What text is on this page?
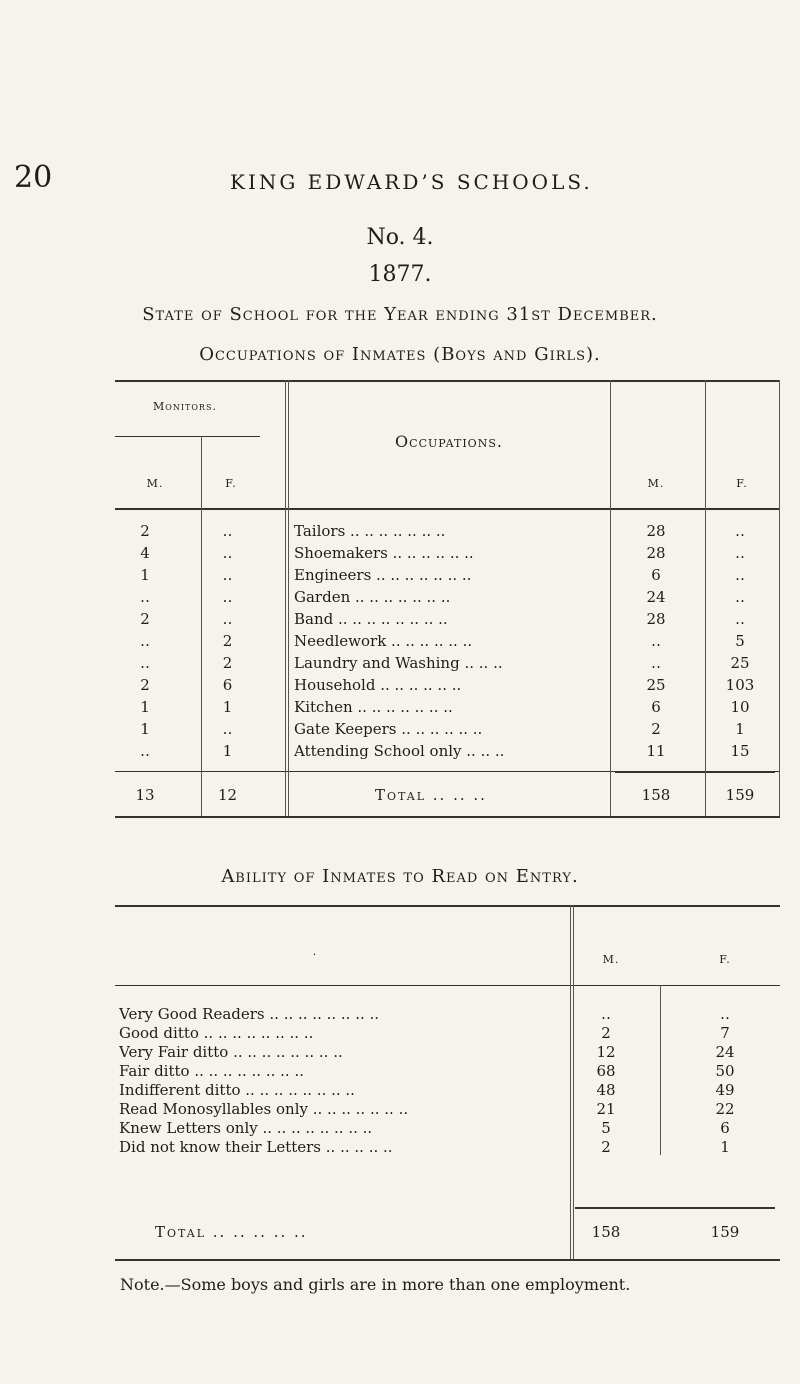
20	KING EDWARD’S SCHOOLS.
No. 4.
1877.
State of School for the Year ending 31st December.
Occupations of Inmates (Boys and Girls).
Monitors.
M.	F.
Occupations.
M.	F.
2	‥	Tailors .. .. .. .. .. .. ..	28	‥
4	‥	Shoemakers .. .. .. .. .. ..	28	‥
1	‥	Engineers .. .. .. .. .. .. ..	6	‥
‥	‥	Garden .. .. .. .. .. .. ..	24	‥
2	‥	Band .. .. .. .. .. .. .. ..	28	‥
‥	2	Needlework .. .. .. .. .. ..	‥	5
‥	2	Laundry and Washing .. .. ..	‥	25
2	6	Household .. .. .. .. .. ..	25	103
1	1	Kitchen .. .. .. .. .. .. ..	6	10
1	‥	Gate Keepers .. .. .. .. .. ..	2	1
‥	1	Attending School only .. .. ..	11	15
13	12	Total .. .. ..	158	159
Ability of Inmates to Read on Entry.
.
M.	F.
Very Good Readers .. .. .. .. .. .. .. ..	‥	‥
Good ditto .. .. .. .. .. .. .. ..	2	7
Very Fair ditto .. .. .. .. .. .. .. ..	12	24
Fair ditto .. .. .. .. .. .. .. ..	68	50
Indifferent ditto .. .. .. .. .. .. .. ..	48	49
Read Monosyllables only .. .. .. .. .. .. ..	21	22
Knew Letters only .. .. .. .. .. .. .. ..	5	6
Did not know their Letters .. .. .. .. ..	2	1
Total .. .. .. .. ..	158	159
Note.—Some boys and girls are in more than one employment.
